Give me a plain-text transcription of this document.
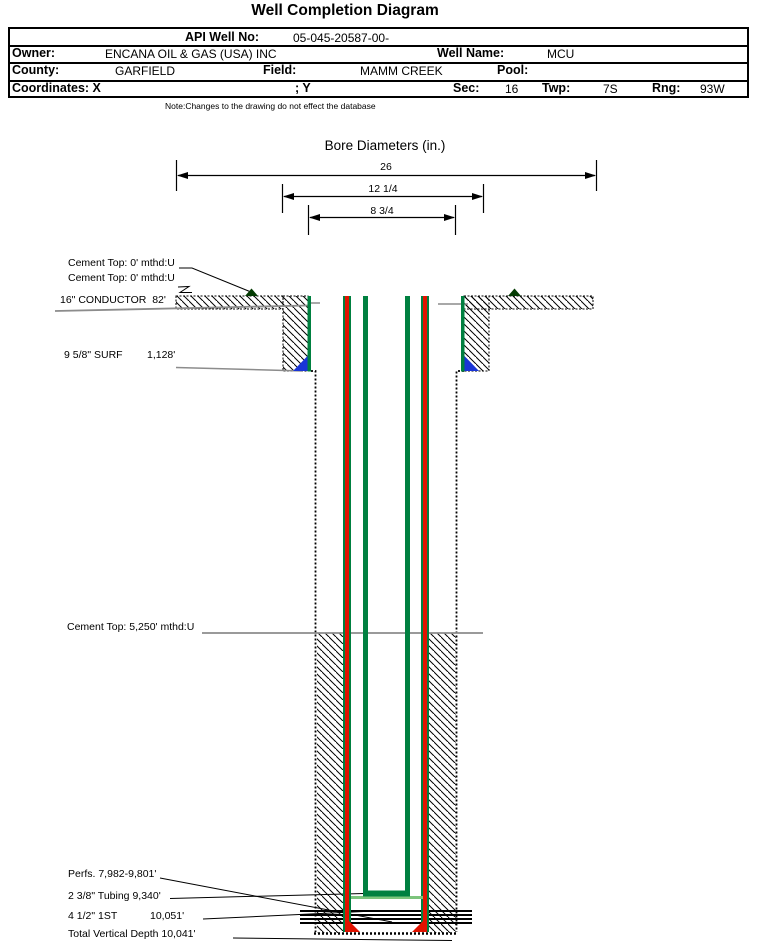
Well Completion Diagram
API Well No:	05-045-20587-00-
Owner:	ENCANA OIL & GAS (USA) INC	Well Name:	MCU
County:	GARFIELD	Field:	MAMM CREEK	Pool:
Coordinates: X	; Y	Sec: 16 Twp:	7S	Rng: 93W
Note:Changes to the drawing do not effect the database
Bore Diameters (in.)
26
12 1/4
8 3/4
Cement Top: 0' mthd:U
Cement Top: 0' mthd:U
16" CONDUCTOR  82'
9 5/8" SURF 1,128'
Cement Top: 5,250' mthd:U
Perfs. 7,982-9,801'
2 3/8" Tubing 9,340'
4 1/2" 1ST	10,051'
Total Vertical Depth 10,041'
